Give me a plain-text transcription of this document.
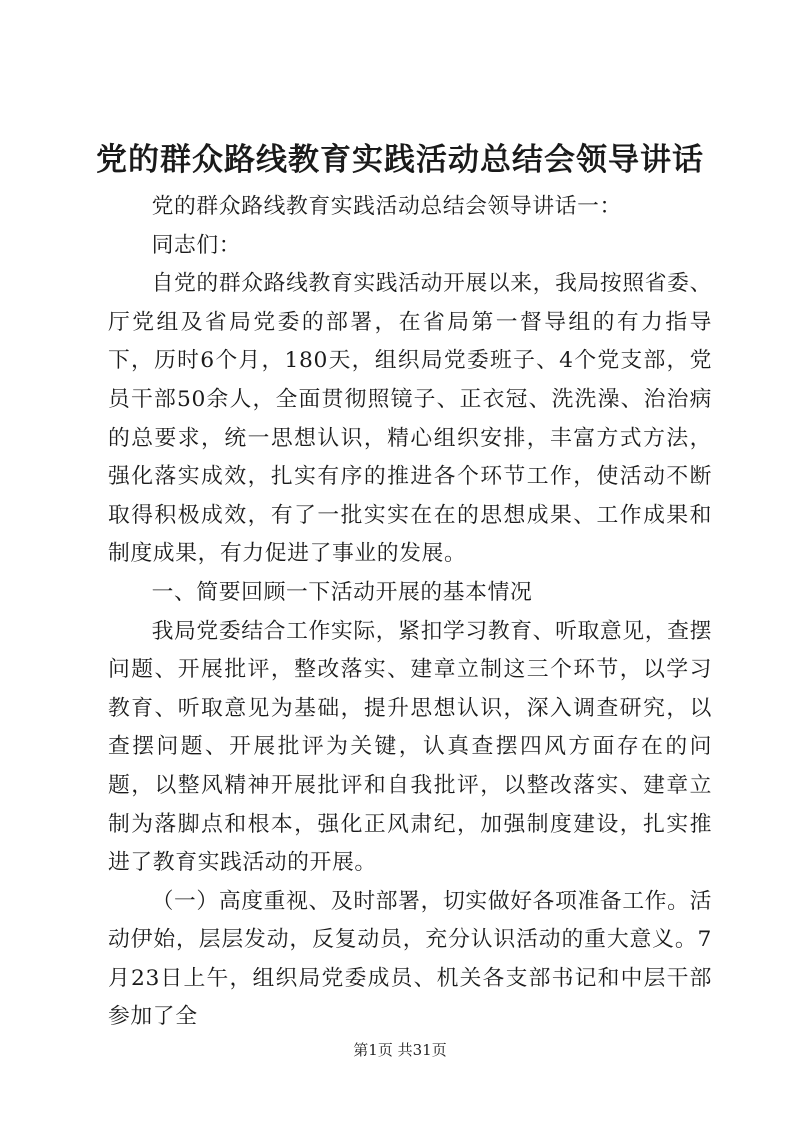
党的群众路线教育实践活动总结会领导讲话

党的群众路线教育实践活动总结会领导讲话一：

同志们：

自党的群众路线教育实践活动开展以来，我局按照省委、厅党组及省局党委的部署，在省局第一督导组的有力指导下，历时6个月，180天，组织局党委班子、4个党支部，党员干部50余人，全面贯彻照镜子、正衣冠、洗洗澡、治治病的总要求，统一思想认识，精心组织安排，丰富方式方法，强化落实成效，扎实有序的推进各个环节工作，使活动不断取得积极成效，有了一批实实在在的思想成果、工作成果和制度成果，有力促进了事业的发展。

一、简要回顾一下活动开展的基本情况

我局党委结合工作实际，紧扣学习教育、听取意见，查摆问题、开展批评，整改落实、建章立制这三个环节，以学习教育、听取意见为基础，提升思想认识，深入调查研究，以查摆问题、开展批评为关键，认真查摆四风方面存在的问题，以整风精神开展批评和自我批评，以整改落实、建章立制为落脚点和根本，强化正风肃纪，加强制度建设，扎实推进了教育实践活动的开展。

（一）高度重视、及时部署，切实做好各项准备工作。活动伊始，层层发动，反复动员，充分认识活动的重大意义。7月23日上午，组织局党委成员、机关各支部书记和中层干部参加了全

第1页 共31页
